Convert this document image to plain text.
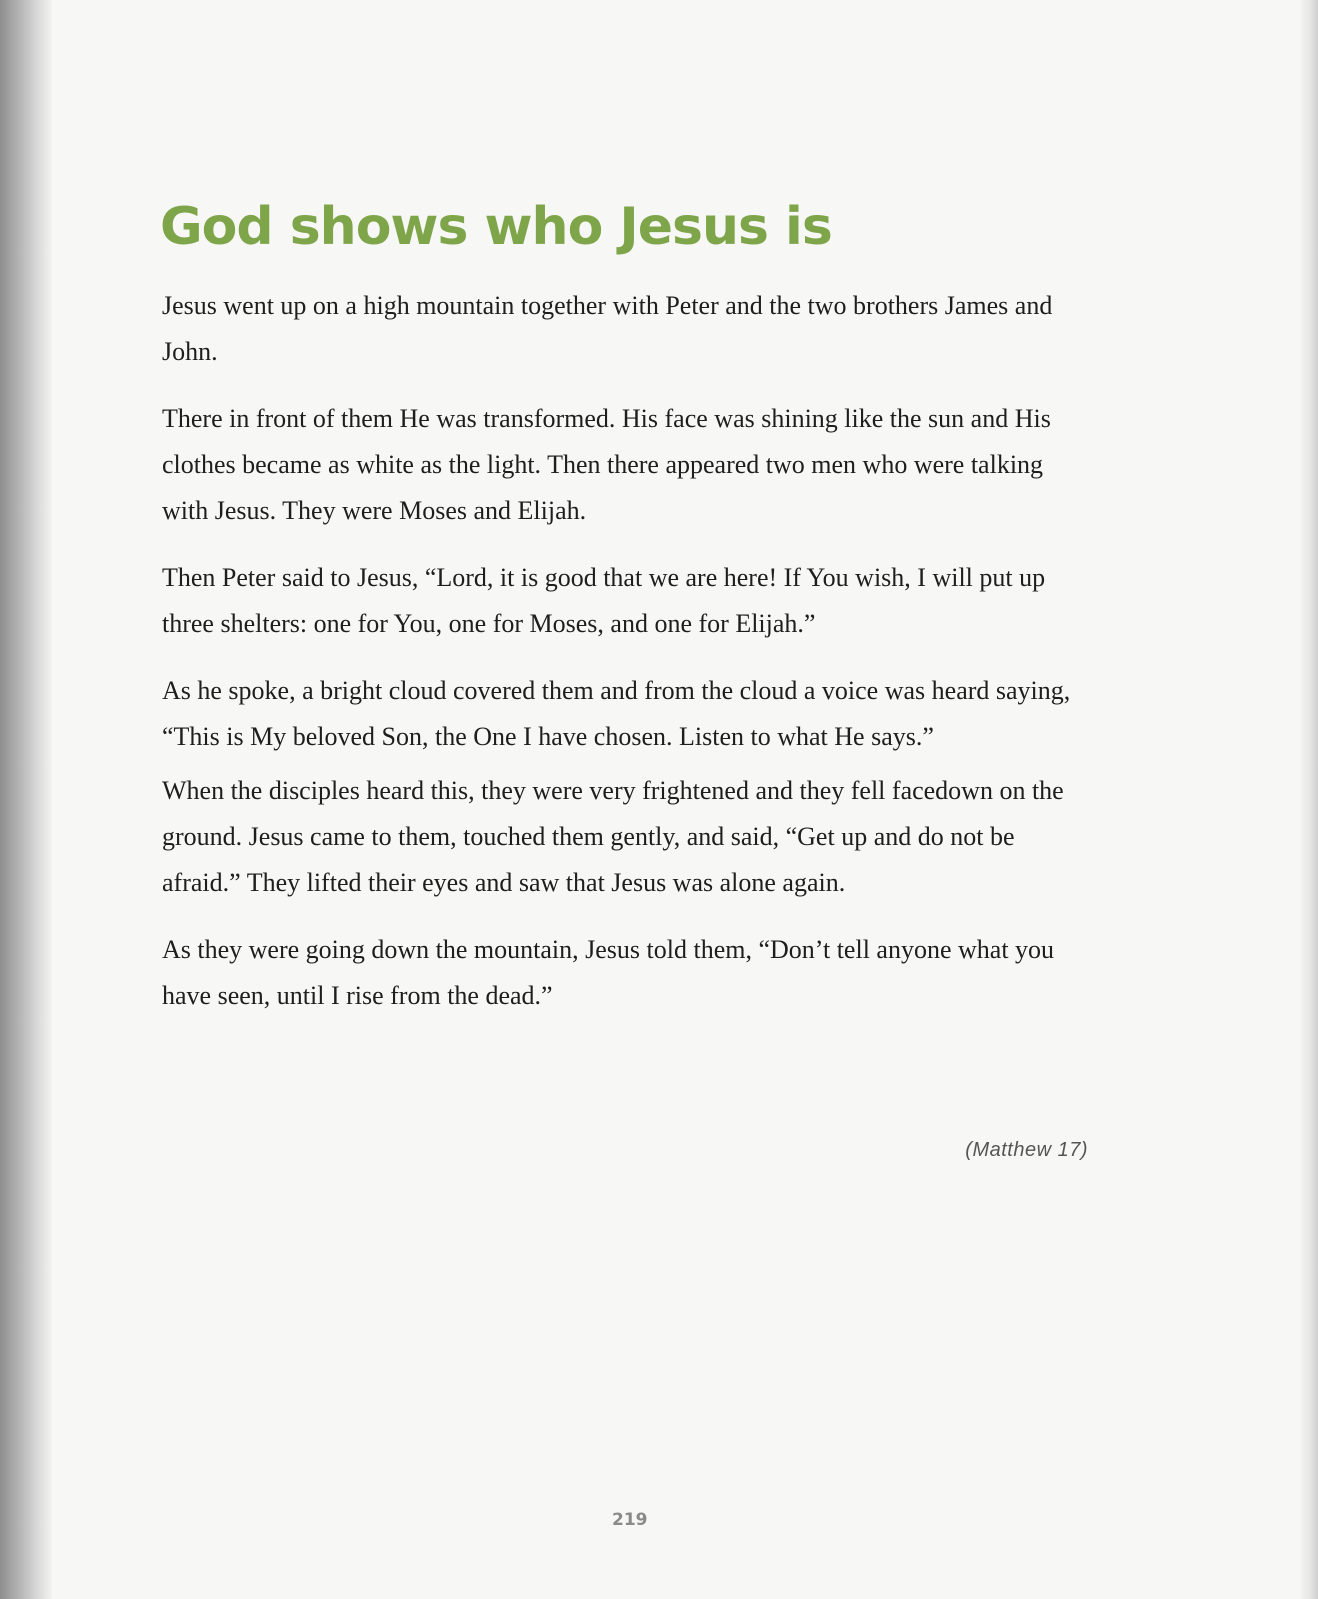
God shows who Jesus is

Jesus went up on a high mountain together with Peter and the two brothers James and John.

There in front of them He was transformed. His face was shining like the sun and His clothes became as white as the light. Then there appeared two men who were talking with Jesus. They were Moses and Elijah.

Then Peter said to Jesus, “Lord, it is good that we are here! If You wish, I will put up three shelters: one for You, one for Moses, and one for Elijah.”

As he spoke, a bright cloud covered them and from the cloud a voice was heard saying, “This is My beloved Son, the One I have chosen. Listen to what He says.”

When the disciples heard this, they were very frightened and they fell facedown on the ground. Jesus came to them, touched them gently, and said, “Get up and do not be afraid.” They lifted their eyes and saw that Jesus was alone again.

As they were going down the mountain, Jesus told them, “Don’t tell anyone what you have seen, until I rise from the dead.”

(Matthew 17)
219
